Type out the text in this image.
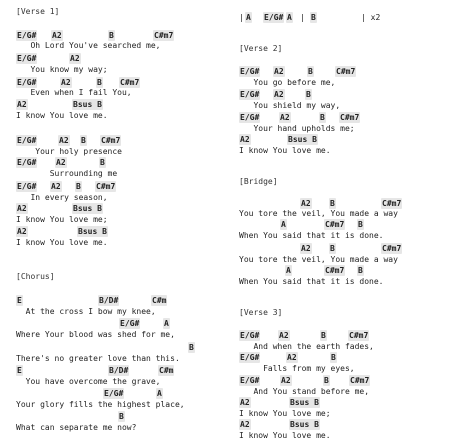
[Verse 1]
E/G# A2	B	C#m7
Oh Lord You've searched me,
E/G#	A2
You know my way;
E/G#	A2	B C#m7
Even when I fail You,
A2	Bsus B
I know You love me.
E/G#	A2 B C#m7
Your holy presence
E/G# A2	B
Surrounding me
E/G# A2 B C#m7
In every season,
A2	Bsus B
I know You love me;
A2	Bsus B
I know You love me.
[Chorus]
E	B/D#	C#m
At the cross I bow my knee,
E/G#	A
Where Your blood was shed for me,
B
There's no greater love than this.
E	B/D#	C#m
You have overcome the grave,
E/G#	A
Your glory fills the highest place,
B
What can separate me now?
A E/G# A B
|	|	| x2
[Verse 2]
E/G# A2	B	C#m7
You go before me,
E/G# A2	B
You shield my way,
E/G#	A2	B C#m7
Your hand upholds me;
A2	Bsus B
I know You love me.
[Bridge]
A2 B	C#m7
You tore the veil, You made a way
A	C#m7 B
When You said that it is done.
A2 B	C#m7
You tore the veil, You made a way
A	C#m7 B
When You said that it is done.
[Verse 3]
E/G# A2	B	C#m7
And when the earth fades,
E/G#	A2	B
Falls from my eyes,
E/G#	A2	B	C#m7
And You stand before me,
A2	Bsus B
I know You love me;
A2	Bsus B
I know You love me.
